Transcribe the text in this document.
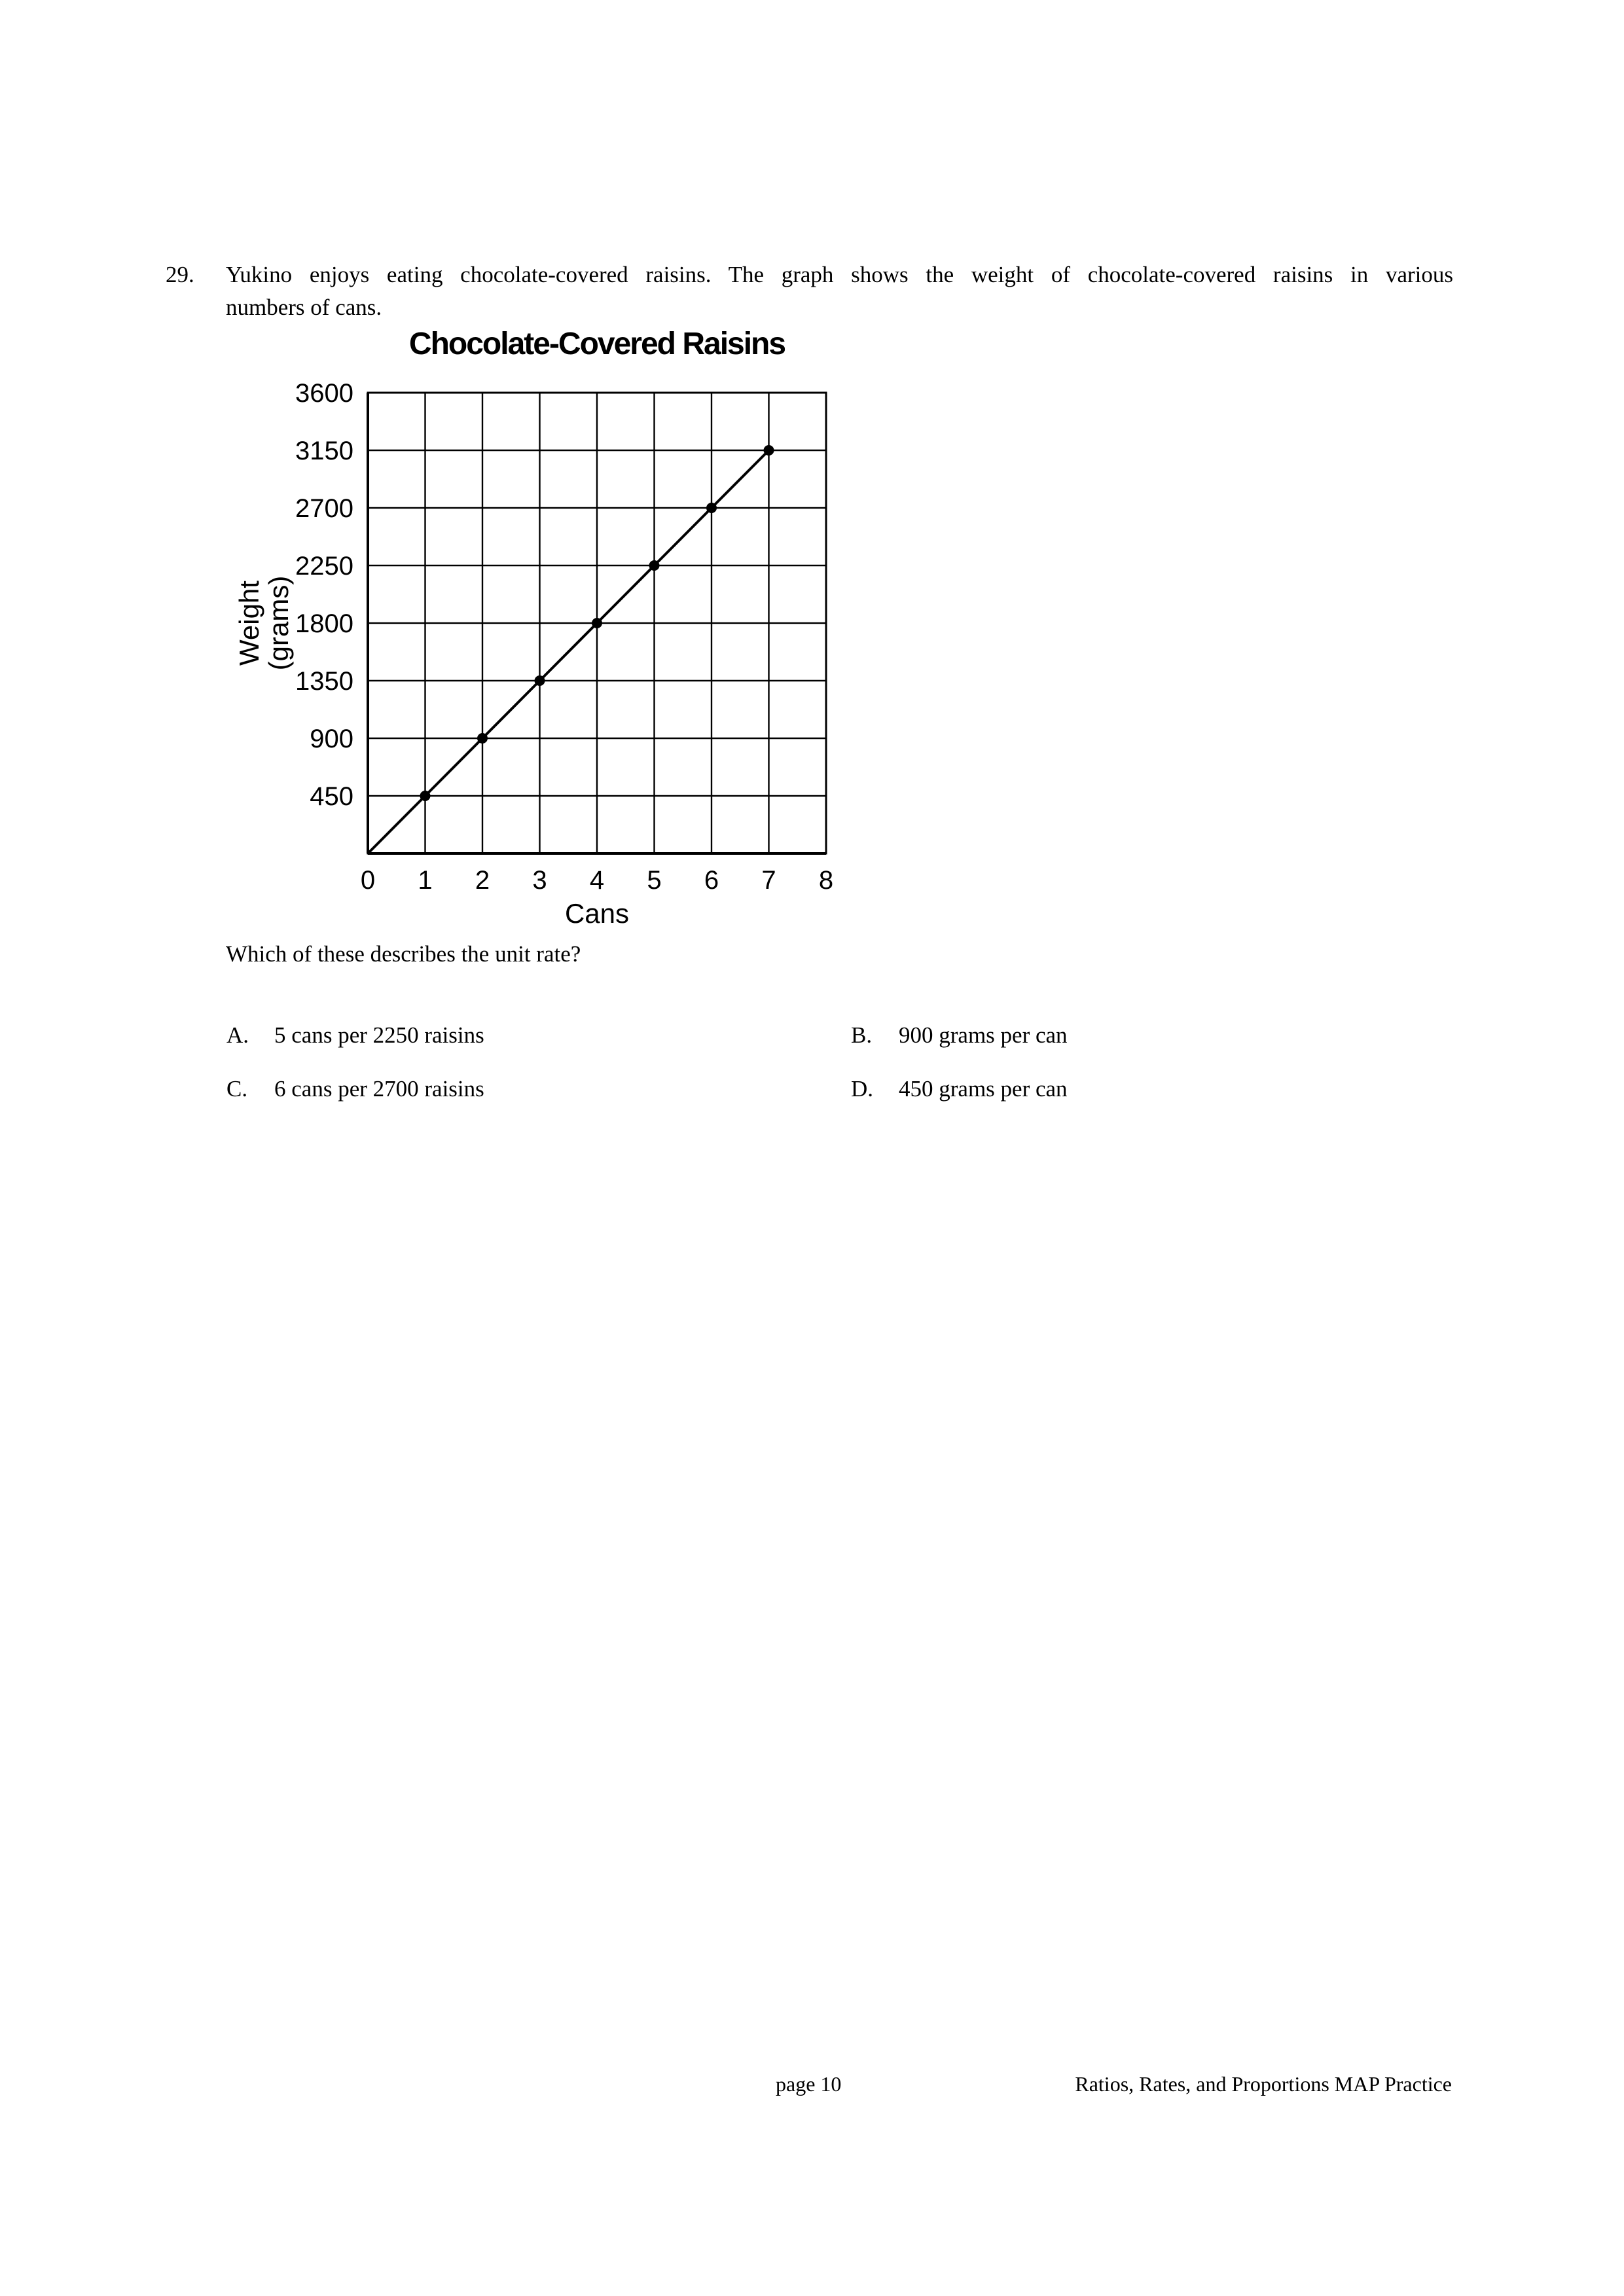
29.	Yukino enjoys eating chocolate-covered raisins. The graph shows the weight of chocolate-covered raisins in various
numbers of cans.
Chocolate-Covered Raisins
450
900
1350
1800
2250
2700
3150
3600
0 1 2 3 4 5 6 7 8
Cans
Weight
(grams)
Which of these describes the unit rate?
A.	5 cans per 2250 raisins	B.	900 grams per can
C.	6 cans per 2700 raisins	D.	450 grams per can
page 10	Ratios, Rates, and Proportions MAP Practice
